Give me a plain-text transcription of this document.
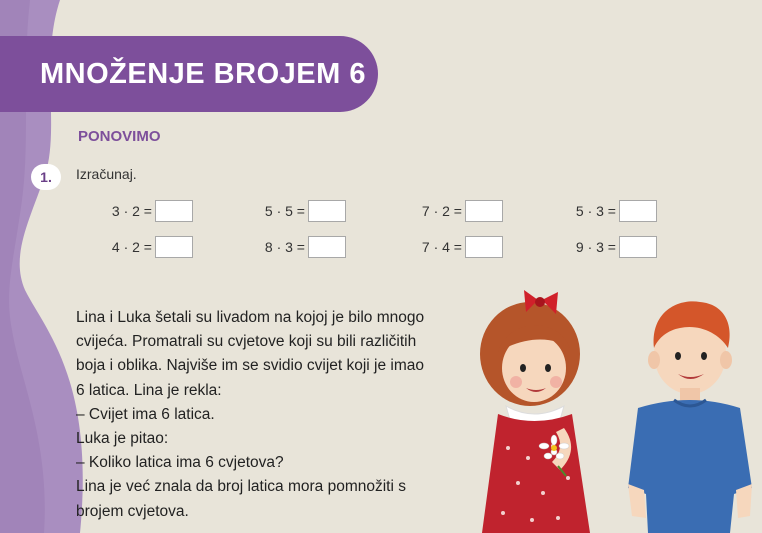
MNOŽENJE BROJEM 6
PONOVIMO
1.	Izračunaj.
3 · 2 =	5 · 5 =	7 · 2 =	5 · 3 =
4 · 2 =	8 · 3 =	7 · 4 =	9 · 3 =
Lina i Luka šetali su livadom na kojoj je bilo mnogo
cvijeća. Promatrali su cvjetove koji su bili različitih
boja i oblika. Najviše im se svidio cvijet koji je imao
6 latica. Lina je rekla:
– Cvijet ima 6 latica.
Luka je pitao:
– Koliko latica ima 6 cvjetova?
Lina je već znala da broj latica mora pomnožiti s
brojem cvjetova.
